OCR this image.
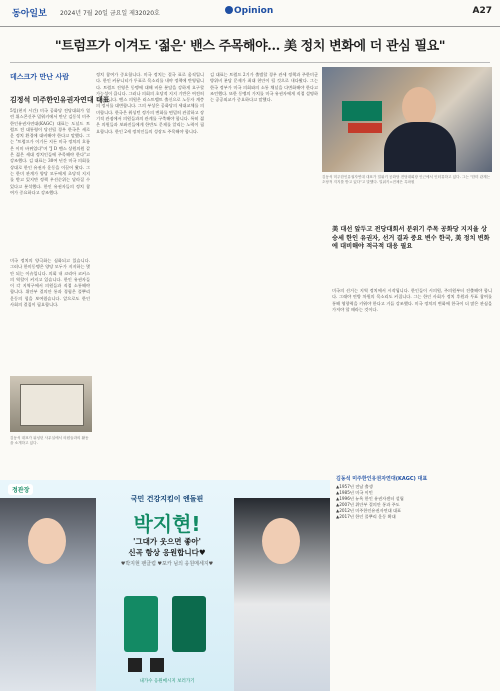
동아일보 2024년 7월 20일 금요일 제32020호	Opinion	A27
"트럼프가 이겨도 '젊은' 밴스 주목해야… 美 정치 변화에 더 관심 필요"
데스크가 만난 사람
김정석 미주한인유권자연대 대표
5일(현지 시간) 미국 공화당 전당대회가 열린 위스콘신주 밀워키에서 만난 김동석 미주한인유권자연대(KAGC) 대표는 도널드 트럼프 전 대통령이 당선될 경우 한국은 새로운 정치 환경에 대비해야 한다고 말했다. 그는 "트럼프가 이기든 지든 미국 정치의 흐름은 이미 바뀌었다"며 "J D 밴스 상원의원 같은 젊은 세대 정치인들에 주목해야 한다"고 강조했다. 김 대표는 30여 년간 미국 의회를 상대로 한인 유권자 운동을 이끌어 왔다. 그는 한미 관계가 양당 모두에게 초당적 지지를 받고 있지만 정책 우선순위는 달라질 수 있다고 분석했다. 한인 유권자들의 정치 참여가 중요하다고 강조했다.
미국 정치의 양극화는 심화되고 있습니다. 그러나 한미동맹은 양당 모두가 지지하는 몇 안 되는 이슈입니다. 의회 내 코리아 코커스의 역할이 커지고 있습니다. 한인 유권자들이 각 지역구에서 의원들과 직접 소통해야 합니다. 위안부 결의안 통과 경험은 풀뿌리 운동의 힘을 보여줬습니다. 앞으로도 한인 사회의 결집이 필요합니다.
정치 참여가 중요합니다. 미국 정치는 결국 표로 움직입니다. 한인 커뮤니티가 투표로 목소리를 내야 정책에 반영됩니다. 트럼프 진영은 동맹에 대해 비용 분담을 강하게 요구할 가능성이 큽니다. 그러나 의회의 초당적 지지 기반은 여전히 견고합니다. 밴스 의원은 러스트벨트 출신으로 노동자 계층의 정서를 대변합니다. 그의 부상은 공화당의 세대교체를 의미합니다. 한국은 워싱턴 정가의 변화를 면밀히 관찰하고 장기적 관점에서 의원들과의 관계를 구축해야 합니다. 특히 젊은 의원들과 보좌진들에게 한반도 문제를 알리는 노력이 필요합니다. 한인 2세 정치인들의 성장도 주목해야 합니다.
김 대표는 트럼프 2기가 출범할 경우 관세 정책과 주한미군 방위비 분담 문제가 최대 현안이 될 것으로 내다봤다. 그는 한국 정부가 미국 의회와의 소통 채널을 다변화해야 한다고 조언했다. 또한 동맹의 가치를 미국 유권자에게 직접 설명하는 공공외교가 중요하다고 말했다.
미국의 선거는 지역 정치에서 시작됩니다. 한인들이 시의원, 주의원부터 진출해야 합니다. 그래야 연방 차원의 목소리도 커집니다. 그는 한인 사회가 정치 후원과 투표 참여를 통해 영향력을 키워야 한다고 거듭 강조했다. 미국 정치의 변화에 한국이 더 많은 관심을 가져야 할 때라는 것이다.
김동석 미주한인유권자연대 대표가 밀워키 공화당 전당대회장 인근에서 인터뷰하고 있다. 그는 "한미 관계는 초당적 지지를 받고 있다"고 말했다. 밀워키=전채은 특파원
美 대선 앞두고 전당대회서 분위기 주목 공화당 지지율 상승세 한인 유권자, 선거 결과 중요 변수 한국, 美 정치 변화에 대비해야 적극적 대응 필요
김동석 대표가 워싱턴 사무실에서 의원들과의 활동을 소개하고 있다.
김동석 미주한인유권자연대(KAGC) 대표
▲1957년 전남 출생
▲1985년 미국 이민
▲1996년 뉴욕 한인 유권자센터 설립
▲2007년 위안부 결의안 통과 주도
▲2012년 미주한인유권자연대 대표
▲2017년 한인 풀뿌리 운동 확대
정관장
국민 건강지킴이 엔돌핀
박지현!
'그대가 웃으면 좋아'
신곡 항상 응원합니다♥
♥박지현 팬클럽 ♥포카 님의 응원메세지♥
내가수 응원메시지 보러가기
